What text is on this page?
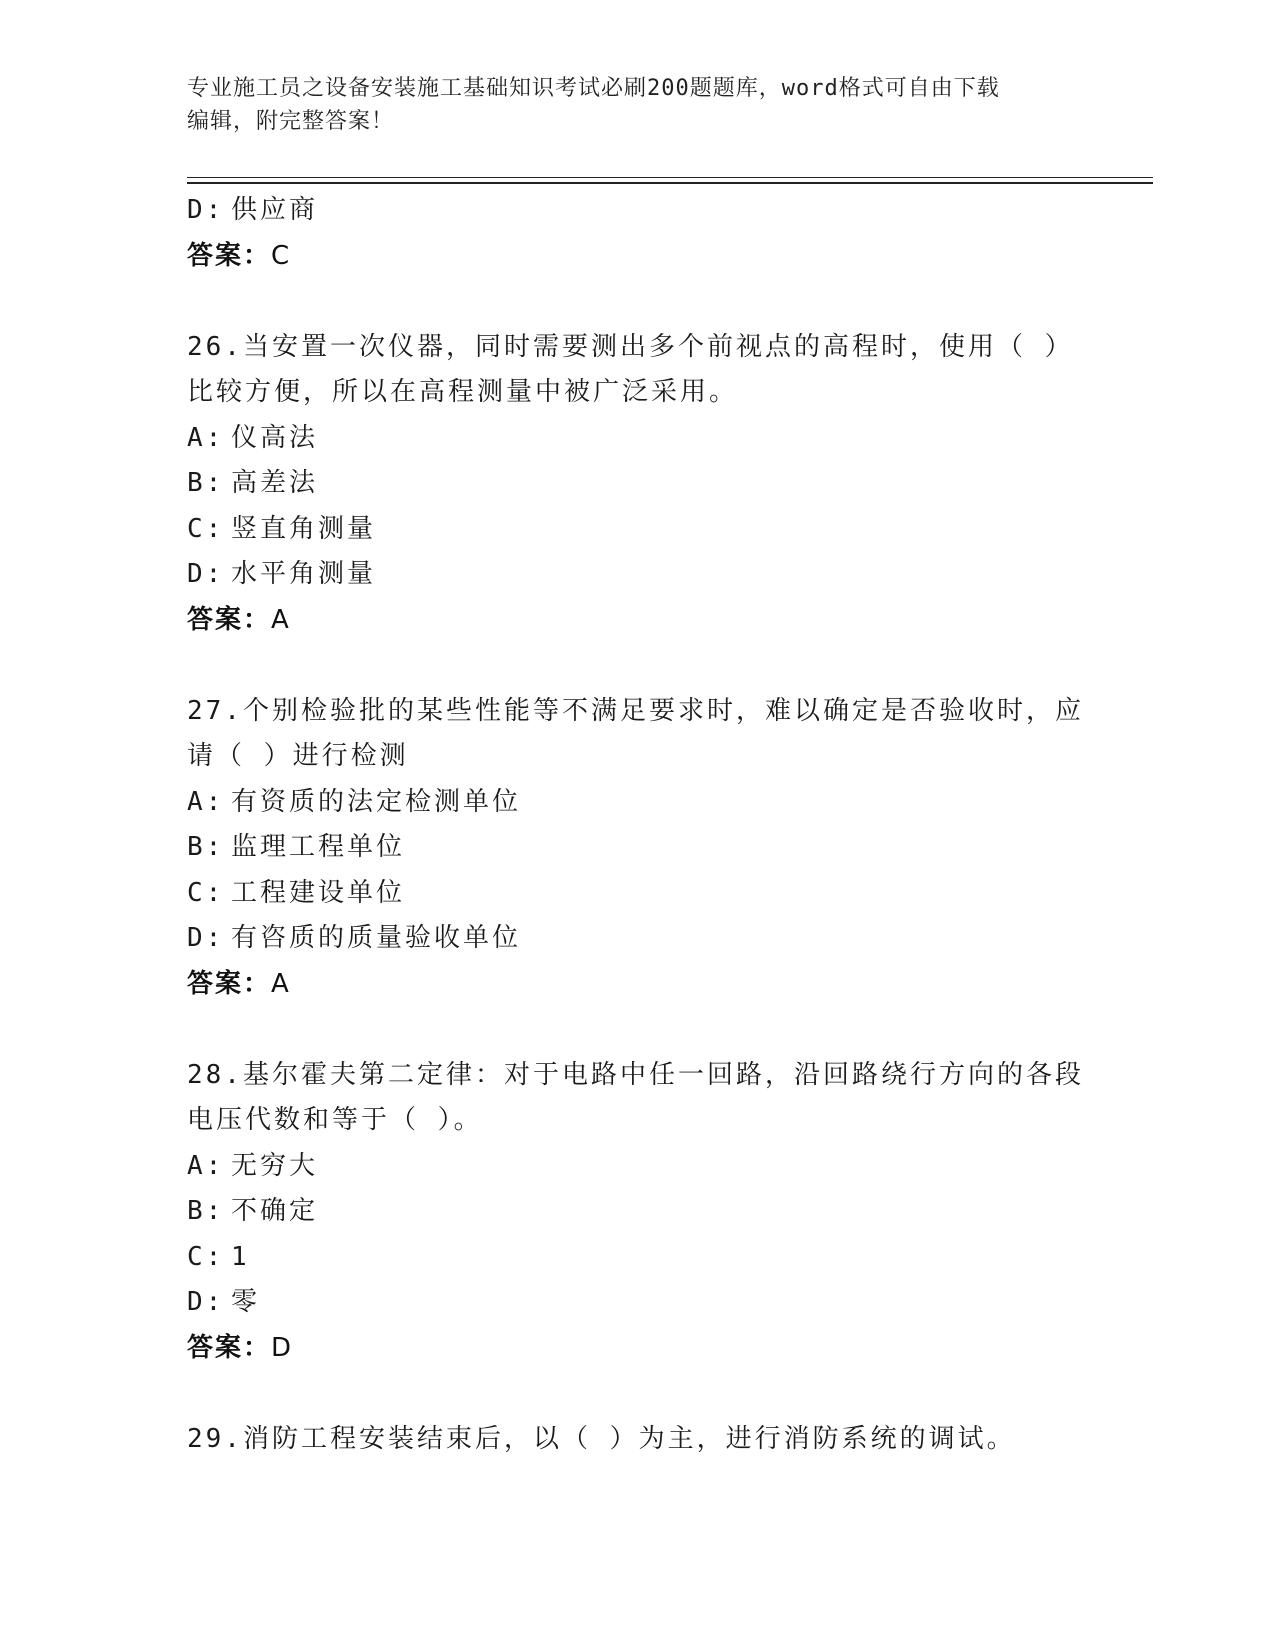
专业施工员之设备安装施工基础知识考试必刷200题题库，word格式可自由下载
编辑，附完整答案！
D: 供应商
答案：C
26.当安置一次仪器，同时需要测出多个前视点的高程时，使用（ ）
比较方便，所以在高程测量中被广泛采用。
A: 仪高法
B: 高差法
C: 竖直角测量
D: 水平角测量
答案：A
27.个别检验批的某些性能等不满足要求时，难以确定是否验收时，应
请（ ）进行检测
A: 有资质的法定检测单位
B: 监理工程单位
C: 工程建设单位
D: 有咨质的质量验收单位
答案：A
28.基尔霍夫第二定律：对于电路中任一回路，沿回路绕行方向的各段
电压代数和等于（ ）。
A: 无穷大
B: 不确定
C: 1
D: 零
答案：D
29.消防工程安装结束后，以（ ）为主，进行消防系统的调试。
